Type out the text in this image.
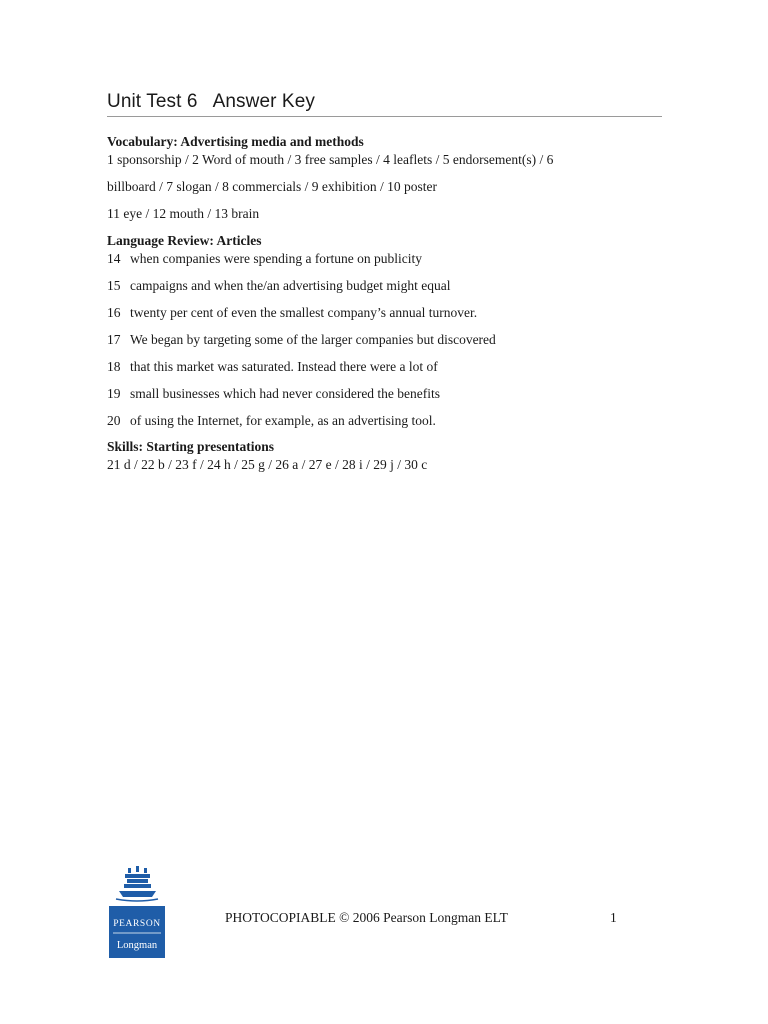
Unit Test 6   Answer Key
Vocabulary: Advertising media and methods
1 sponsorship / 2 Word of mouth / 3 free samples / 4 leaflets / 5 endorsement(s) / 6
billboard / 7 slogan / 8 commercials / 9 exhibition / 10 poster
11 eye / 12 mouth / 13 brain
Language Review: Articles
14 when companies were spending a fortune on publicity
15 campaigns and when the/an advertising budget might equal
16 twenty per cent of even the smallest company’s annual turnover.
17 We began by targeting some of the larger companies but discovered
18 that this market was saturated. Instead there were a lot of
19 small businesses which had never considered the benefits
20 of using the Internet, for example, as an advertising tool.
Skills: Starting presentations
21 d / 22 b / 23 f / 24 h / 25 g / 26 a / 27 e / 28 i / 29 j / 30 c
PEARSON
Longman
PHOTOCOPIABLE © 2006 Pearson Longman ELT	1
